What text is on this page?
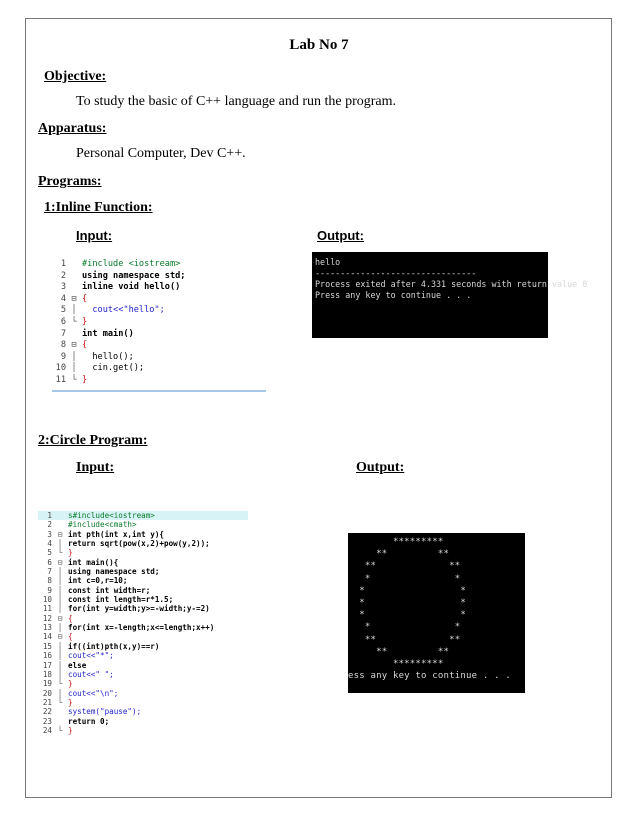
Lab No 7
Objective:
To study the basic of C++ language and run the program.
Apparatus:
Personal Computer, Dev C++.
Programs:
1:Inline Function:
Input:	Output:
1 #include <iostream>
2 using namespace std;
3 inline void hello()
4 ⊟ {
5 │ cout<<"hello";
6 └ }
7 int main()
8 ⊟ {
9 │ hello();
10 │ cin.get();
11 └ }
hello
--------------------------------
Process exited after 4.331 seconds with return value 0
Press any key to continue . . .
2:Circle Program:
Input:	Output:
1 s#include<iostream>
2 #include<cmath>
3 ⊟ int pth(int x,int y){
4 │ return sqrt(pow(x,2)+pow(y,2));
5 └ }
6 ⊟ int main(){
7 │ using namespace std;
8 │ int c=0,r=10;
9 │ const int width=r;
10 │ const int length=r*1.5;
11 │ for(int y=width;y>=-width;y-=2)
12 ⊟ {
13 │ for(int x=-length;x<=length;x++)
14 ⊟ {
15 │ if((int)pth(x,y)==r)
16 │ cout<<"*";
17 │ else
18 │ cout<<" ";
19 └ }
20 │ cout<<"\n";
21 └ }
22 system("pause");
23 return 0;
24 └ }
*********
**         **
**             **
*               *
*                 *
*                 *
*                 *
*               *
**             **
**         **
*********
ess any key to continue . . .
